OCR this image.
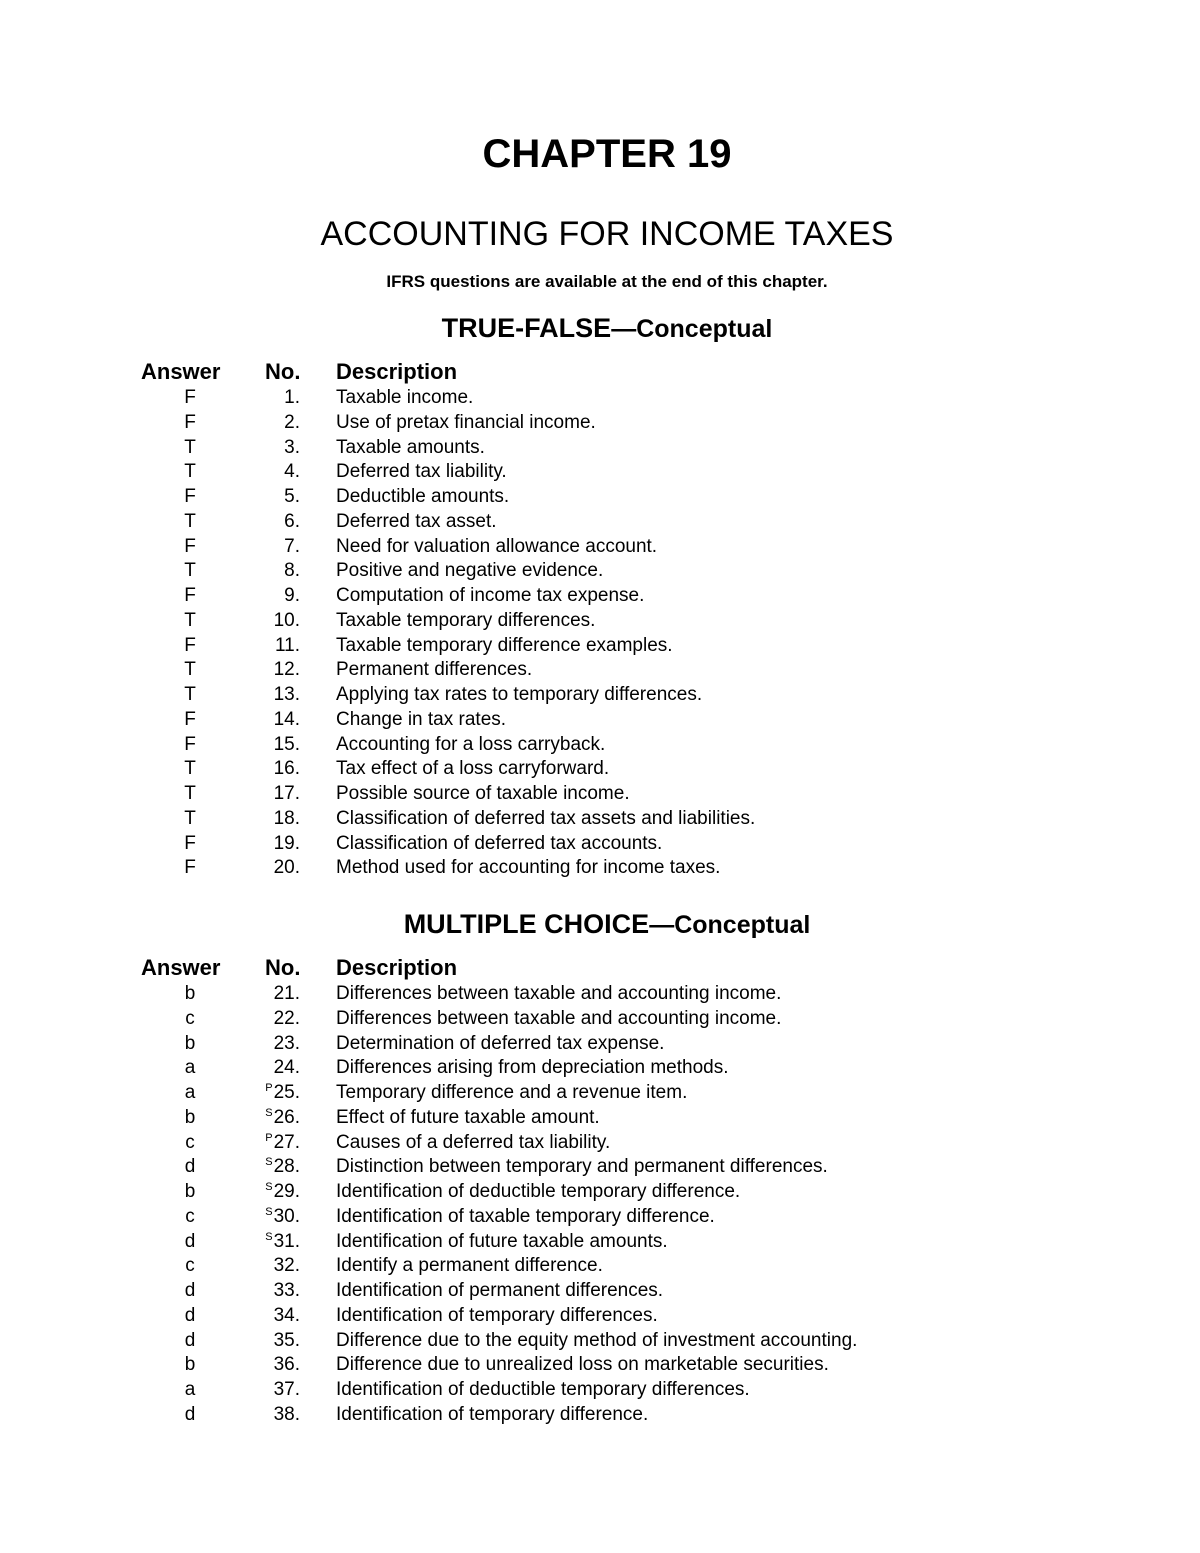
CHAPTER 19
ACCOUNTING FOR INCOME TAXES

IFRS questions are available at the end of this chapter.

TRUE-FALSE—Conceptual
Answer No. Description
F	1. Taxable income.
F	2. Use of pretax financial income.
T	3. Taxable amounts.
T	4. Deferred tax liability.
F	5. Deductible amounts.
T	6. Deferred tax asset.
F	7. Need for valuation allowance account.
T	8. Positive and negative evidence.
F	9. Computation of income tax expense.
T	10. Taxable temporary differences.
F	11. Taxable temporary difference examples.
T	12. Permanent differences.
T	13. Applying tax rates to temporary differences.
F	14. Change in tax rates.
F	15. Accounting for a loss carryback.
T	16. Tax effect of a loss carryforward.
T	17. Possible source of taxable income.
T	18. Classification of deferred tax assets and liabilities.
F	19. Classification of deferred tax accounts.
F	20. Method used for accounting for income taxes.
MULTIPLE CHOICE—Conceptual
Answer No. Description
b	21. Differences between taxable and accounting income.
c	22. Differences between taxable and accounting income.
b	23. Determination of deferred tax expense.
a	24. Differences arising from depreciation methods.
a	$^P$25. Temporary difference and a revenue item.
b	$^S$26. Effect of future taxable amount.
c	$^P$27. Causes of a deferred tax liability.
d	$^S$28. Distinction between temporary and permanent differences.
b	$^S$29. Identification of deductible temporary difference.
c	$^S$30. Identification of taxable temporary difference.
d	$^S$31. Identification of future taxable amounts.
c	32. Identify a permanent difference.
d	33. Identification of permanent differences.
d	34. Identification of temporary differences.
d	35. Difference due to the equity method of investment accounting.
b	36. Difference due to unrealized loss on marketable securities.
a	37. Identification of deductible temporary differences.
d	38. Identification of temporary difference.
